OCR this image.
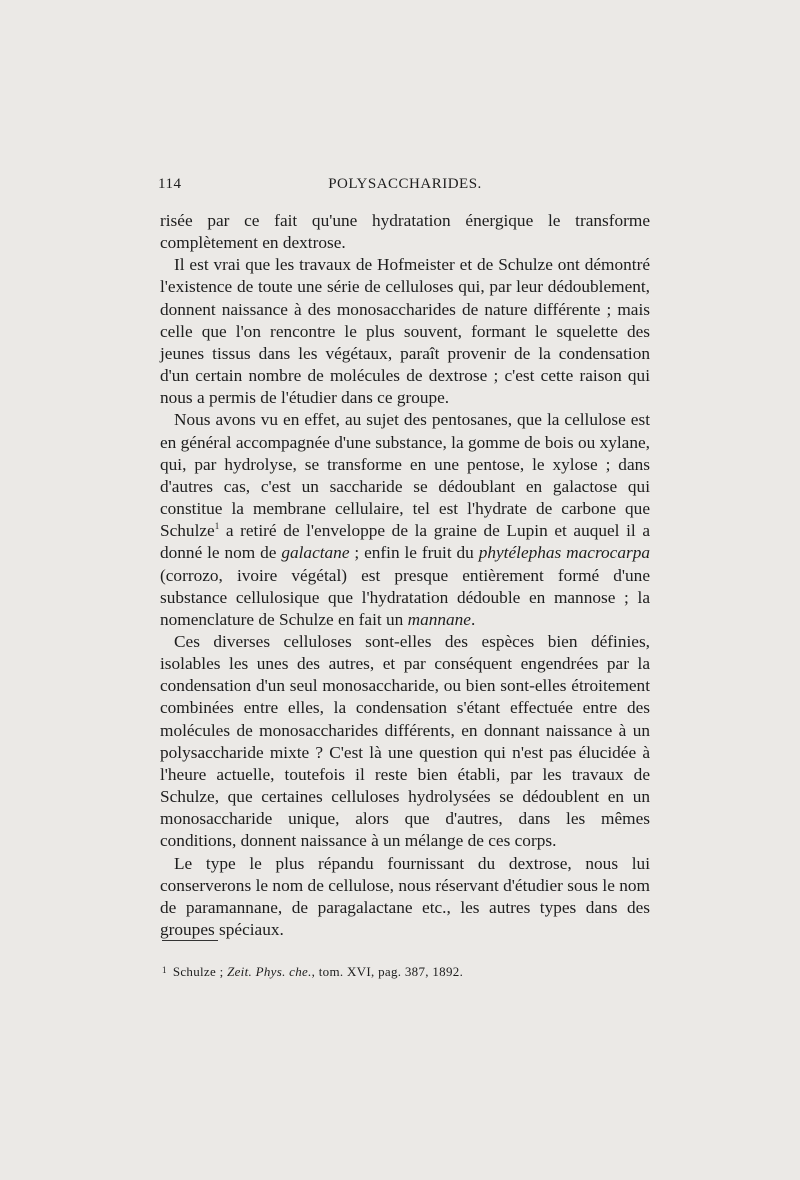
114	POLYSACCHARIDES.

risée par ce fait qu'une hydratation énergique le transforme complètement en dextrose.

Il est vrai que les travaux de Hofmeister et de Schulze ont démontré l'existence de toute une série de celluloses qui, par leur dédoublement, donnent naissance à des monosaccharides de nature différente ; mais celle que l'on rencontre le plus souvent, formant le squelette des jeunes tissus dans les végétaux, paraît provenir de la condensation d'un certain nombre de molécules de dextrose ; c'est cette raison qui nous a permis de l'étudier dans ce groupe.

Nous avons vu en effet, au sujet des pentosanes, que la cellulose est en général accompagnée d'une substance, la gomme de bois ou xylane, qui, par hydrolyse, se transforme en une pentose, le xylose ; dans d'autres cas, c'est un saccharide se dédoublant en galactose qui constitue la membrane cellulaire, tel est l'hydrate de carbone que Schulze$^1$ a retiré de l'enveloppe de la graine de Lupin et auquel il a donné le nom de galactane ; enfin le fruit du phytélephas macrocarpa (corrozo, ivoire végétal) est presque entièrement formé d'une substance cellulosique que l'hydratation dédouble en mannose ; la nomenclature de Schulze en fait un mannane.

Ces diverses celluloses sont-elles des espèces bien définies, isolables les unes des autres, et par conséquent engendrées par la condensation d'un seul monosaccharide, ou bien sont-elles étroitement combinées entre elles, la condensation s'étant effectuée entre des molécules de monosaccharides différents, en donnant naissance à un polysaccharide mixte ? C'est là une question qui n'est pas élucidée à l'heure actuelle, toutefois il reste bien établi, par les travaux de Schulze, que certaines celluloses hydrolysées se dédoublent en un monosaccharide unique, alors que d'autres, dans les mêmes conditions, donnent naissance à un mélange de ces corps.

Le type le plus répandu fournissant du dextrose, nous lui conserverons le nom de cellulose, nous réservant d'étudier sous le nom de paramannane, de paragalactane etc., les autres types dans des groupes spéciaux.

$^1$ Schulze ; Zeit. Phys. che., tom. XVI, pag. 387, 1892.
